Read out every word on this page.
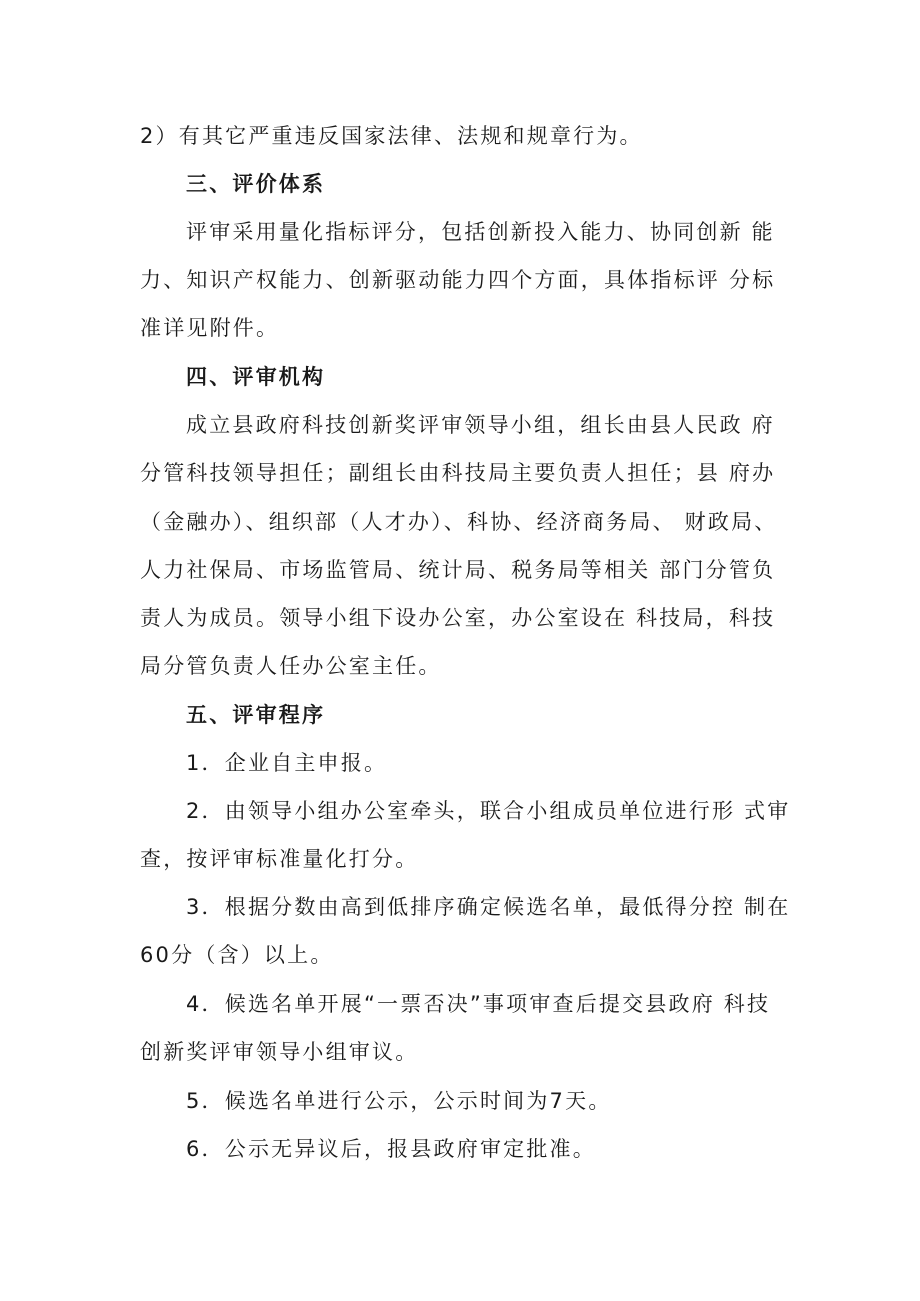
2）有其它严重违反国家法律、法规和规章行为。
三、评价体系
评审采用量化指标评分，包括创新投入能力、协同创新 能
力、知识产权能力、创新驱动能力四个方面，具体指标评 分标
准详见附件。
四、评审机构
成立县政府科技创新奖评审领导小组，组长由县人民政 府
分管科技领导担任；副组长由科技局主要负责人担任；县 府办
（金融办）、组织部（人才办）、科协、经济商务局、 财政局、
人力社保局、市场监管局、统计局、税务局等相关 部门分管负
责人为成员。领导小组下设办公室，办公室设在 科技局，科技
局分管负责人任办公室主任。
五、评审程序
1．企业自主申报。
2．由领导小组办公室牵头，联合小组成员单位进行形 式审
查，按评审标准量化打分。
3．根据分数由高到低排序确定候选名单，最低得分控 制在
60分（含）以上。
4．候选名单开展“一票否决”事项审查后提交县政府 科技
创新奖评审领导小组审议。
5．候选名单进行公示，公示时间为7天。
6．公示无异议后，报县政府审定批准。
